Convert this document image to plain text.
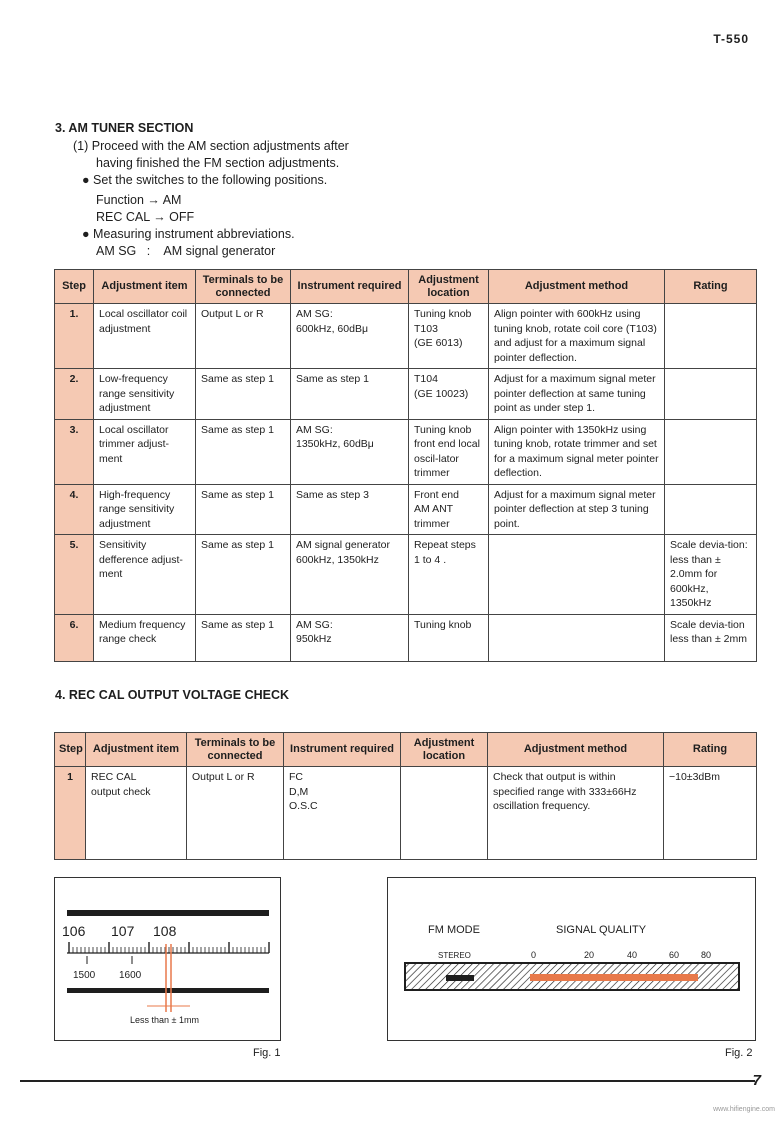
T-550
3. AM TUNER SECTION
(1) Proceed with the AM section adjustments after
having finished the FM section adjustments.
● Set the switches to the following positions.
Function → AM
REC CAL → OFF
● Measuring instrument abbreviations.
AM SG   :    AM signal generator
Step	Adjustment item	Terminals to be connected	Instrument required	Adjustment location	Adjustment method	Rating
1.	Local oscillator coil adjustment	Output L or R	AM SG:
600kHz, 60dBμ	Tuning knob
T103
(GE 6013)	Align pointer with 600kHz using tuning knob, rotate coil core (T103) and adjust for a maximum signal pointer deflection.	
2.	Low-frequency range sensitivity adjustment	Same as step 1	Same as step 1	T104
(GE 10023)	Adjust for a maximum signal meter pointer deflection at same tuning point as under step 1.	
3.	Local oscillator trimmer adjust-ment	Same as step 1	AM SG:
1350kHz, 60dBμ	Tuning knob front end local oscil-lator trimmer	Align pointer with 1350kHz using tuning knob, rotate trimmer and set for a maximum signal meter pointer deflection.	
4.	High-frequency range sensitivity adjustment	Same as step 1	Same as step 3	Front end
AM ANT
trimmer	Adjust for a maximum signal meter pointer deflection at step 3 tuning point.	
5.	Sensitivity defference adjust-ment	Same as step 1	AM signal generator
600kHz, 1350kHz	Repeat steps
1 to 4 .		Scale devia-tion: less than ± 2.0mm for 600kHz, 1350kHz
6.	Medium frequency range check	Same as step 1	AM SG:
950kHz	Tuning knob		Scale devia-tion less than ± 2mm
4. REC CAL OUTPUT VOLTAGE CHECK
Step	Adjustment item	Terminals to be connected	Instrument required	Adjustment location	Adjustment method	Rating
1	REC CAL
output check	Output L or R	FC
D,M
O.S.C		Check that output is within specified range with 333±66Hz oscillation frequency.	−10±3dBm
106 107 108
1500 1600
Less than ± 1mm
Fig. 1
FM MODE	SIGNAL QUALITY
STEREO	0	20	40	60 80
Fig. 2
7
www.hifiengine.com
